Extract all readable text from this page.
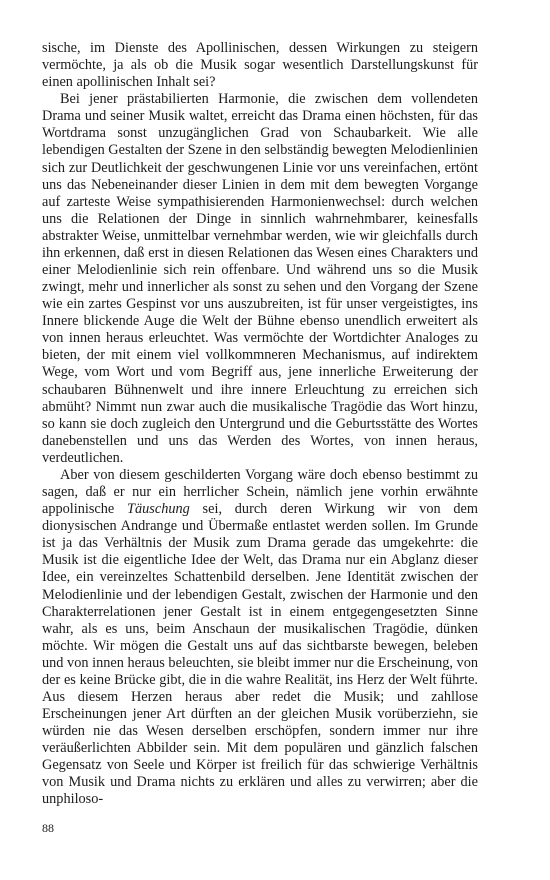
sische, im Dienste des Apollinischen, dessen Wirkungen zu steigern vermöchte, ja als ob die Musik sogar wesentlich Darstellungskunst für einen apollinischen Inhalt sei?

Bei jener prästabilierten Harmonie, die zwischen dem vollendeten Drama und seiner Musik waltet, erreicht das Drama einen höchsten, für das Wortdrama sonst unzugänglichen Grad von Schaubarkeit. Wie alle lebendigen Gestalten der Szene in den selbständig bewegten Melodienlinien sich zur Deutlichkeit der geschwungenen Linie vor uns vereinfachen, ertönt uns das Nebeneinander dieser Linien in dem mit dem bewegten Vorgange auf zarteste Weise sympathisierenden Harmonienwechsel: durch welchen uns die Relationen der Dinge in sinnlich wahrnehmbarer, keinesfalls abstrakter Weise, unmittelbar vernehmbar werden, wie wir gleichfalls durch ihn erkennen, daß erst in diesen Relationen das Wesen eines Charakters und einer Melodienlinie sich rein offenbare. Und während uns so die Musik zwingt, mehr und innerlicher als sonst zu sehen und den Vorgang der Szene wie ein zartes Gespinst vor uns auszubreiten, ist für unser vergeistigtes, ins Innere blickende Auge die Welt der Bühne ebenso unendlich erweitert als von innen heraus erleuchtet. Was vermöchte der Wortdichter Analoges zu bieten, der mit einem viel vollkommneren Mechanismus, auf indirektem Wege, vom Wort und vom Begriff aus, jene innerliche Erweiterung der schaubaren Bühnenwelt und ihre innere Erleuchtung zu erreichen sich abmüht? Nimmt nun zwar auch die musikalische Tragödie das Wort hinzu, so kann sie doch zugleich den Untergrund und die Geburtsstätte des Wortes danebenstellen und uns das Werden des Wortes, von innen heraus, verdeutlichen.

Aber von diesem geschilderten Vorgang wäre doch ebenso bestimmt zu sagen, daß er nur ein herrlicher Schein, nämlich jene vorhin erwähnte appolinische Täuschung sei, durch deren Wirkung wir von dem dionysischen Andrange und Übermaße entlastet werden sollen. Im Grunde ist ja das Verhältnis der Musik zum Drama gerade das umgekehrte: die Musik ist die eigentliche Idee der Welt, das Drama nur ein Abglanz dieser Idee, ein vereinzeltes Schattenbild derselben. Jene Identität zwischen der Melodienlinie und der lebendigen Gestalt, zwischen der Harmonie und den Charakterrelationen jener Gestalt ist in einem entgegengesetzten Sinne wahr, als es uns, beim Anschaun der musikalischen Tragödie, dünken möchte. Wir mögen die Gestalt uns auf das sichtbarste bewegen, beleben und von innen heraus beleuchten, sie bleibt immer nur die Erscheinung, von der es keine Brücke gibt, die in die wahre Realität, ins Herz der Welt führte. Aus diesem Herzen heraus aber redet die Musik; und zahllose Erscheinungen jener Art dürften an der gleichen Musik vorüberziehn, sie würden nie das Wesen derselben erschöpfen, sondern immer nur ihre veräußerlichten Abbilder sein. Mit dem populären und gänzlich falschen Gegensatz von Seele und Körper ist freilich für das schwierige Verhältnis von Musik und Drama nichts zu erklären und alles zu verwirren; aber die unphiloso-

88
